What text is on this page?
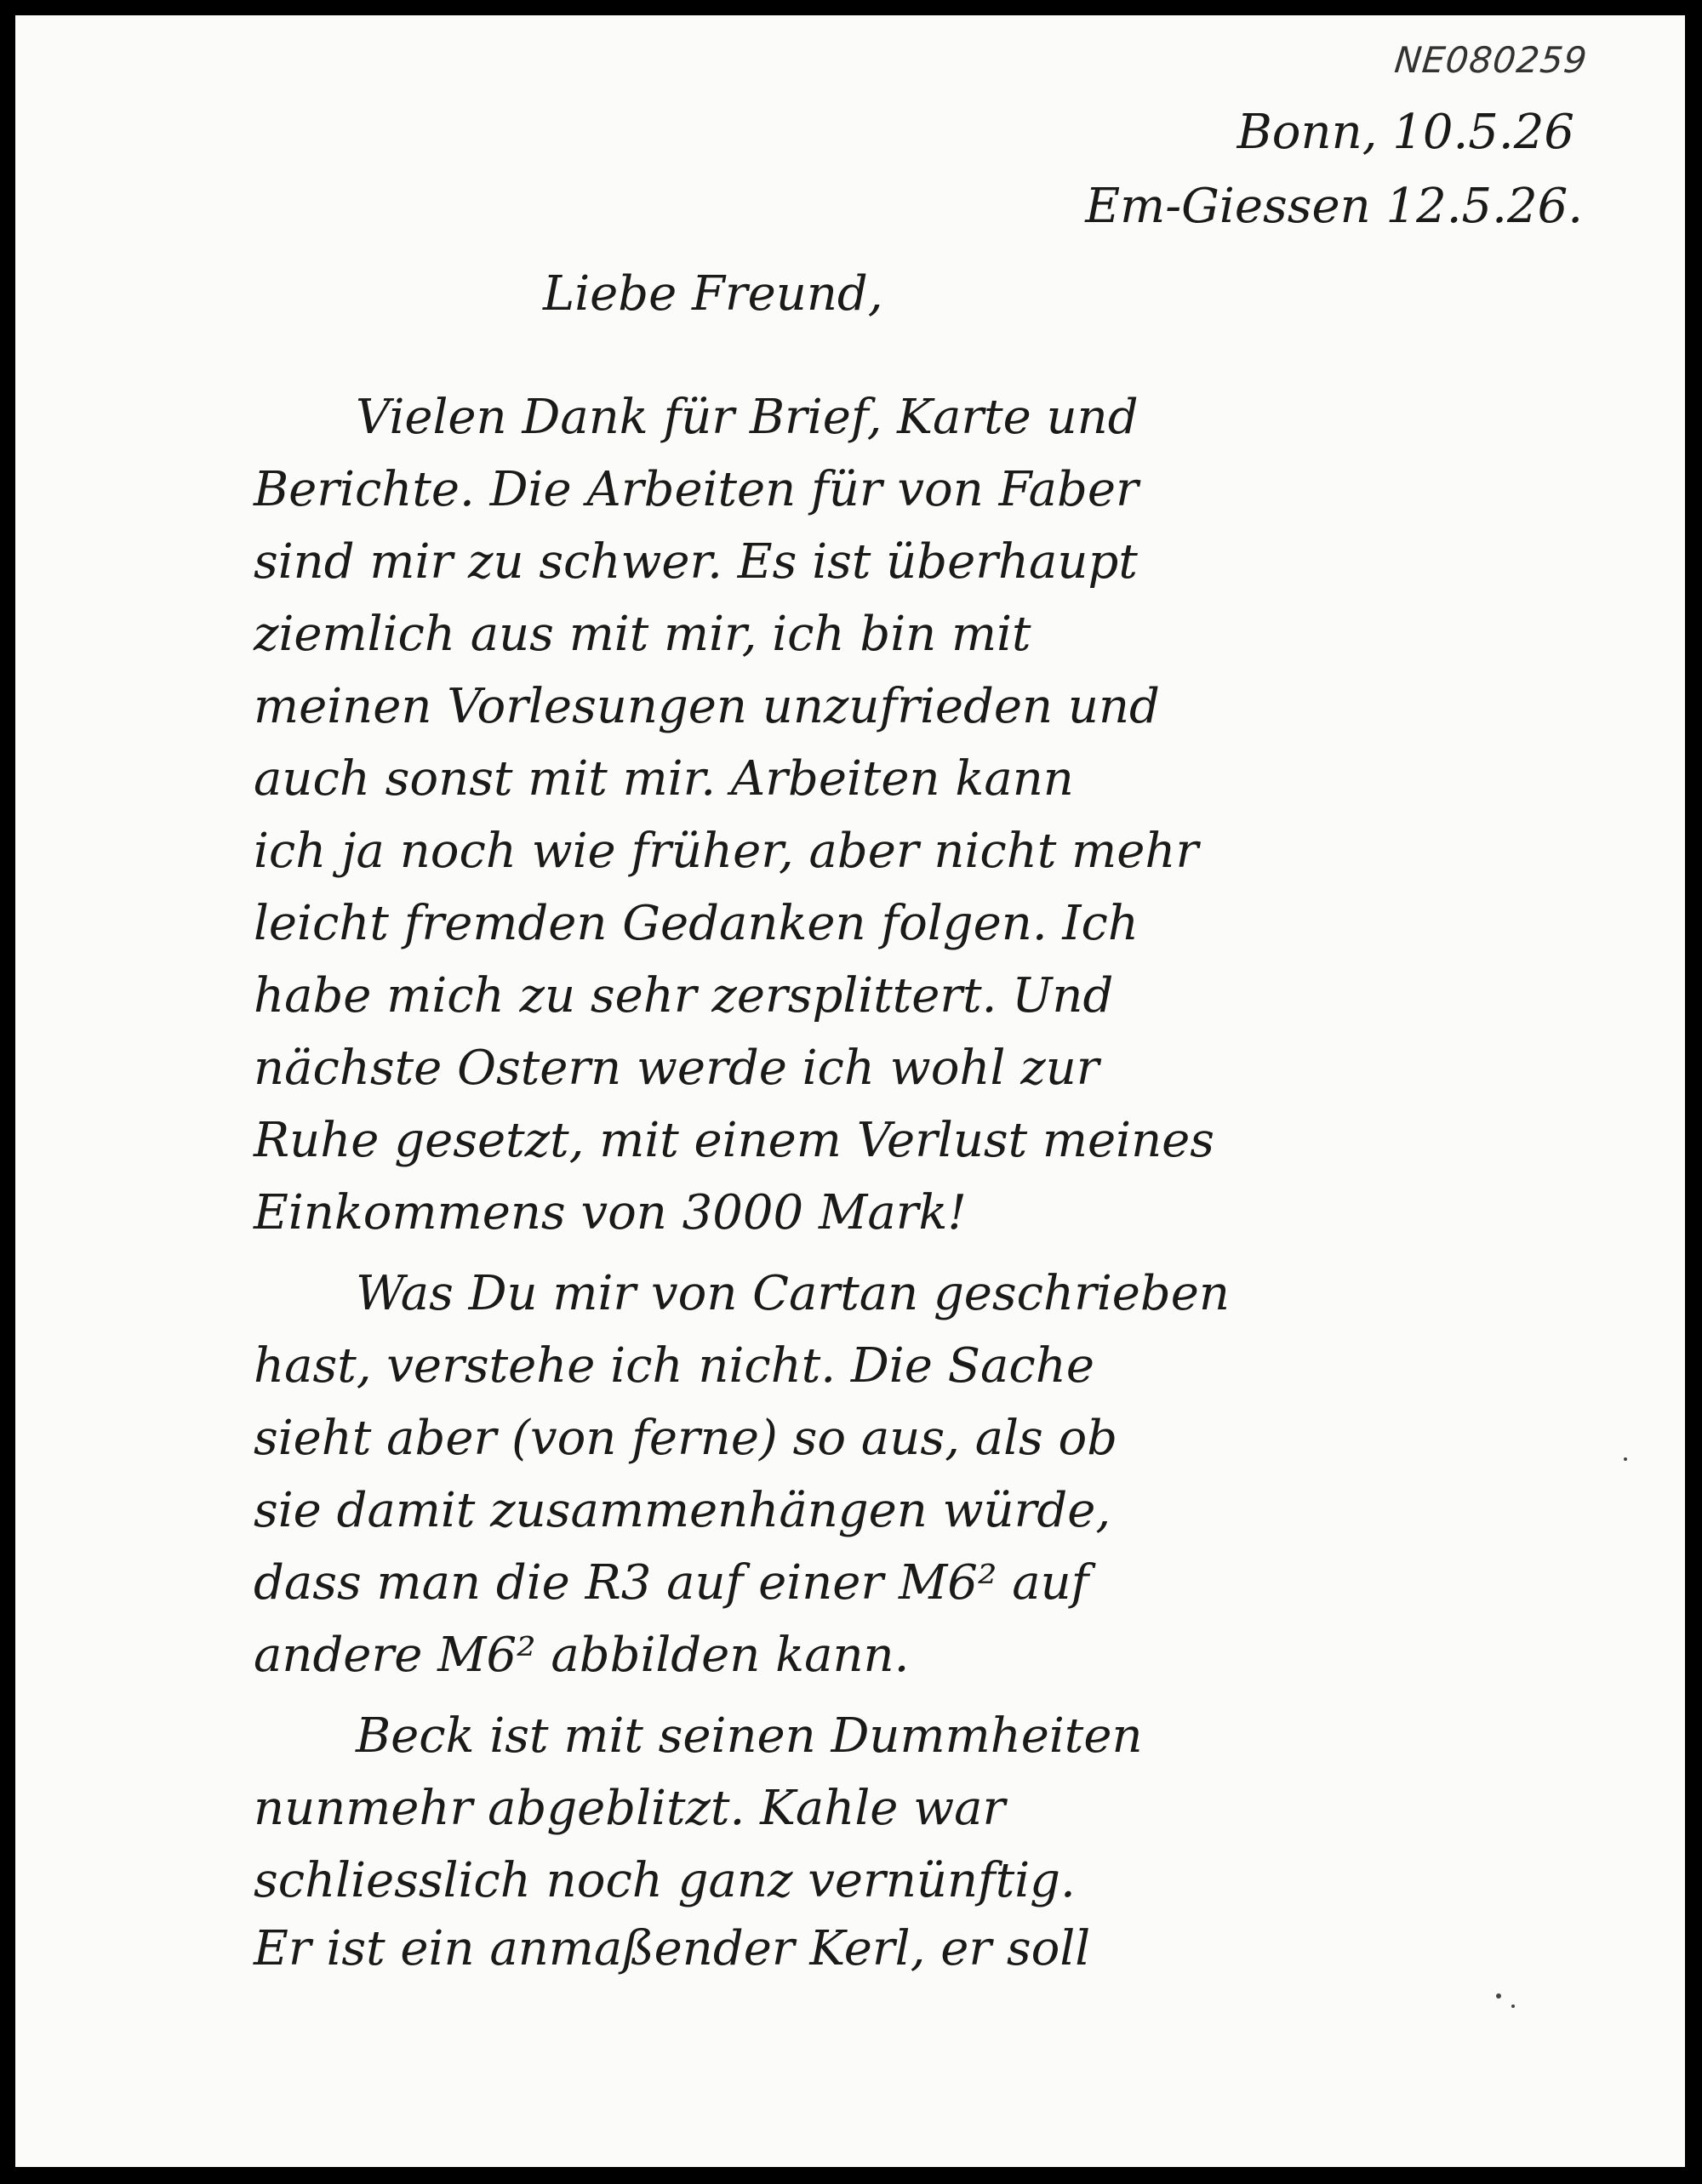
NE080259
Bonn, 10.5.26
Em-Giessen 12.5.26.
Liebe Freund,
Vielen Dank für Brief, Karte und
Berichte. Die Arbeiten für von Faber
sind mir zu schwer. Es ist überhaupt
ziemlich aus mit mir, ich bin mit
meinen Vorlesungen unzufrieden und
auch sonst mit mir. Arbeiten kann
ich ja noch wie früher, aber nicht mehr
leicht fremden Gedanken folgen. Ich
habe mich zu sehr zersplittert. Und
nächste Ostern werde ich wohl zur
Ruhe gesetzt, mit einem Verlust meines
Einkommens von 3000 Mark!
Was Du mir von Cartan geschrieben
hast, verstehe ich nicht. Die Sache
sieht aber (von ferne) so aus, als ob
sie damit zusammenhängen würde,
dass man die R3 auf einer M6² auf
andere M6² abbilden kann.
Beck ist mit seinen Dummheiten
nunmehr abgeblitzt. Kahle war
schliesslich noch ganz vernünftig.
Er ist ein anmaßender Kerl, er soll
